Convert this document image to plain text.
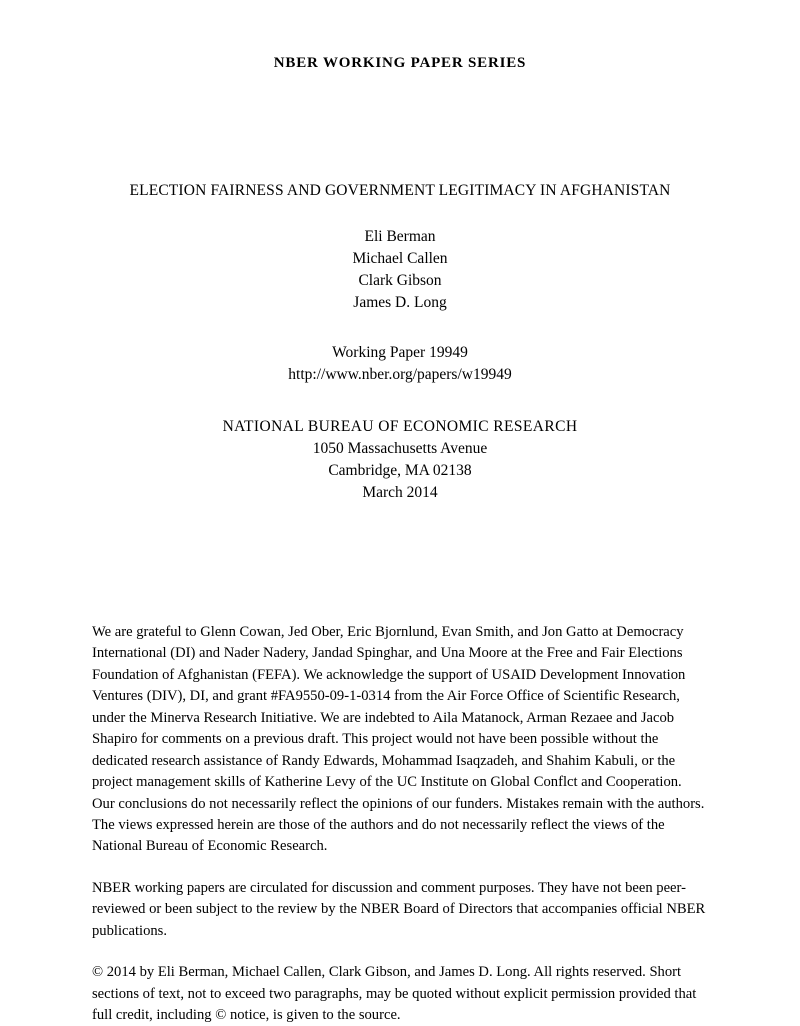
NBER WORKING PAPER SERIES
ELECTION FAIRNESS AND GOVERNMENT LEGITIMACY IN AFGHANISTAN
Eli Berman
Michael Callen
Clark Gibson
James D. Long
Working Paper 19949
http://www.nber.org/papers/w19949
NATIONAL BUREAU OF ECONOMIC RESEARCH
1050 Massachusetts Avenue
Cambridge, MA 02138
March 2014

We are grateful to Glenn Cowan, Jed Ober, Eric Bjornlund, Evan Smith, and Jon Gatto at Democracy International (DI) and Nader Nadery, Jandad Spinghar, and Una Moore at the Free and Fair Elections Foundation of Afghanistan (FEFA). We acknowledge the support of USAID Development Innovation Ventures (DIV), DI, and grant #FA9550-09-1-0314 from the Air Force Office of Scientific Research, under the Minerva Research Initiative. We are indebted to Aila Matanock, Arman Rezaee and Jacob Shapiro for comments on a previous draft. This project would not have been possible without the dedicated research assistance of Randy Edwards, Mohammad Isaqzadeh, and Shahim Kabuli, or the project management skills of Katherine Levy of the UC Institute on Global Conflct and Cooperation. Our conclusions do not necessarily reflect the opinions of our funders. Mistakes remain with the authors. The views expressed herein are those of the authors and do not necessarily reflect the views of the National Bureau of Economic Research.

NBER working papers are circulated for discussion and comment purposes. They have not been peer-reviewed or been subject to the review by the NBER Board of Directors that accompanies official NBER publications.

© 2014 by Eli Berman, Michael Callen, Clark Gibson, and James D. Long. All rights reserved. Short sections of text, not to exceed two paragraphs, may be quoted without explicit permission provided that full credit, including © notice, is given to the source.
